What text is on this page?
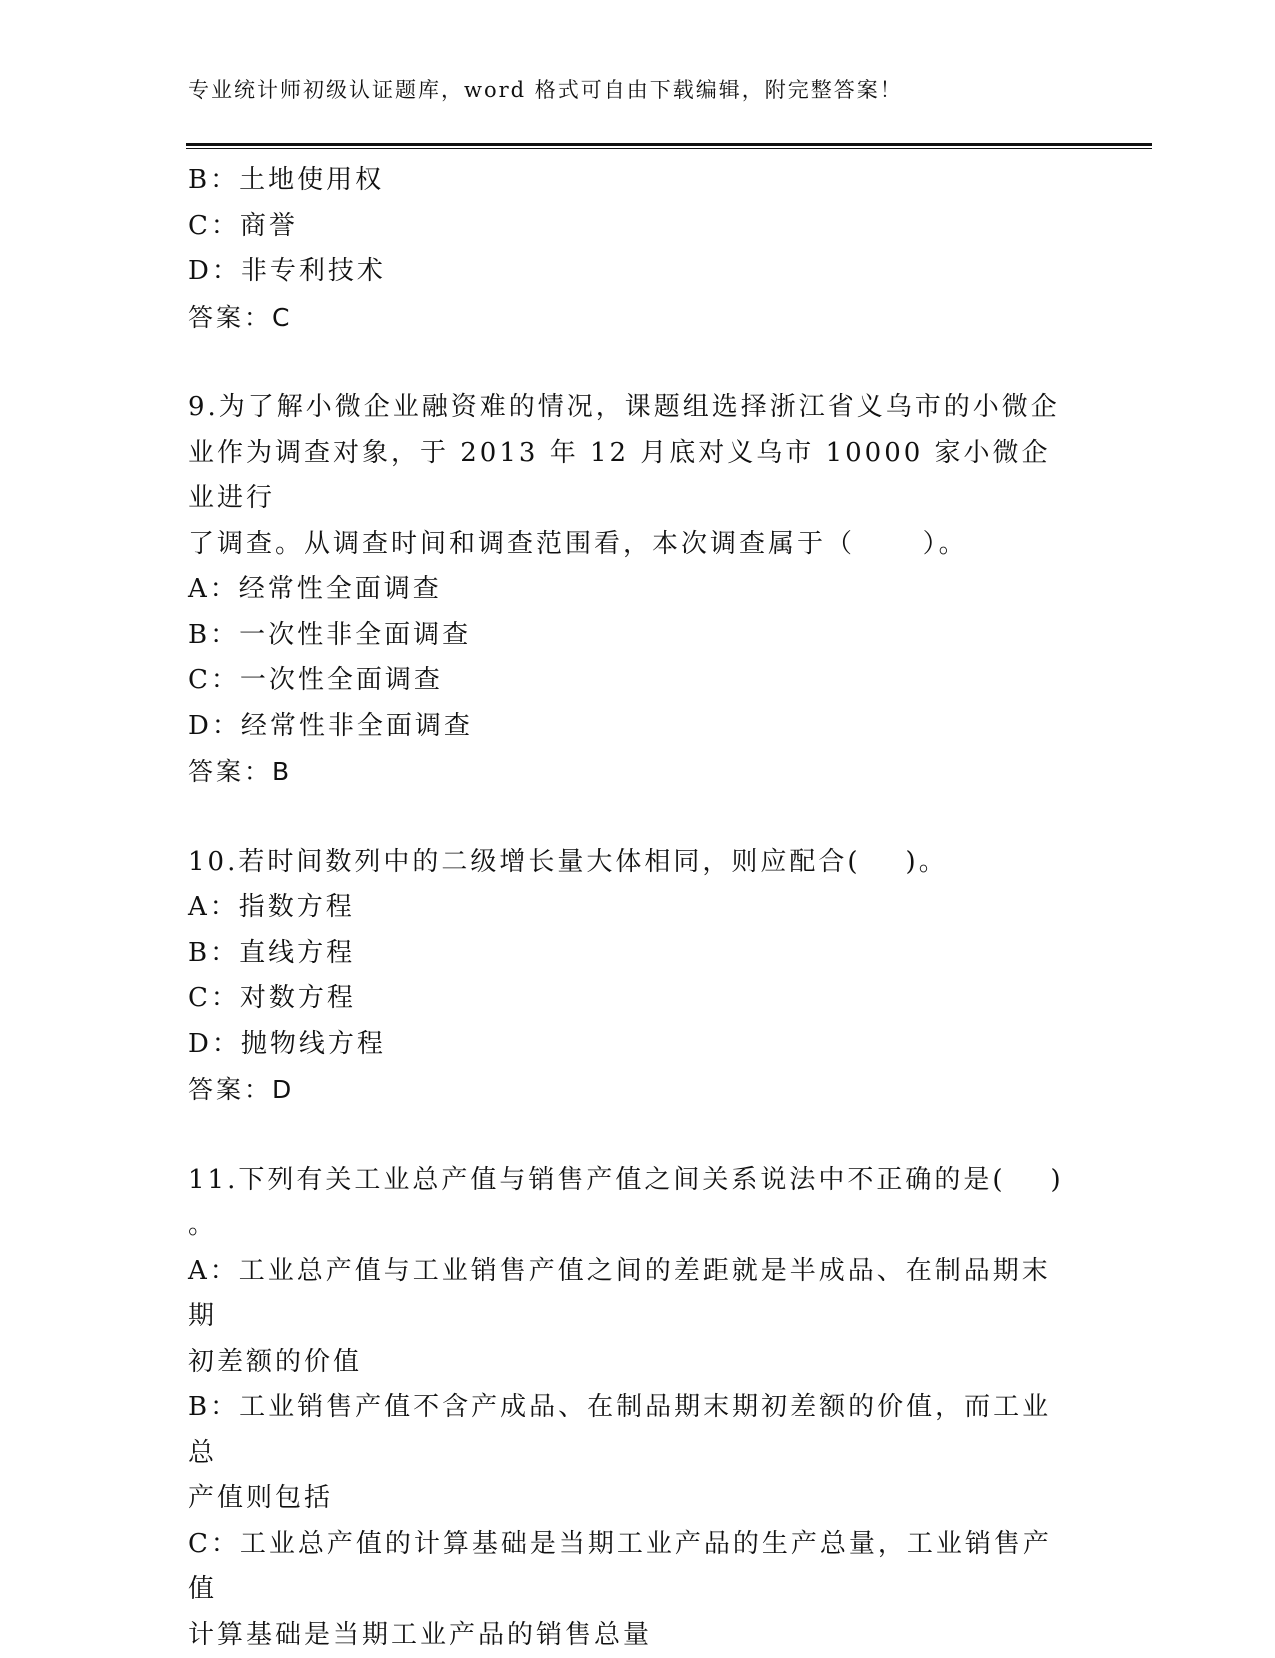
专业统计师初级认证题库，word 格式可自由下载编辑，附完整答案！
B：土地使用权
C：商誉
D：非专利技术
答案：C
9.为了解小微企业融资难的情况，课题组选择浙江省义乌市的小微企
业作为调查对象，于 2013 年 12 月底对义乌市 10000 家小微企业进行
了调查。从调查时间和调查范围看，本次调查属于（      ）。
A：经常性全面调查
B：一次性非全面调查
C：一次性全面调查
D：经常性非全面调查
答案：B
10.若时间数列中的二级增长量大体相同，则应配合(    )。
A：指数方程
B：直线方程
C：对数方程
D：抛物线方程
答案：D
11.下列有关工业总产值与销售产值之间关系说法中不正确的是(    )
。
A：工业总产值与工业销售产值之间的差距就是半成品、在制品期末期
初差额的价值
B：工业销售产值不含产成品、在制品期末期初差额的价值，而工业总
产值则包括
C：工业总产值的计算基础是当期工业产品的生产总量，工业销售产值
计算基础是当期工业产品的销售总量
